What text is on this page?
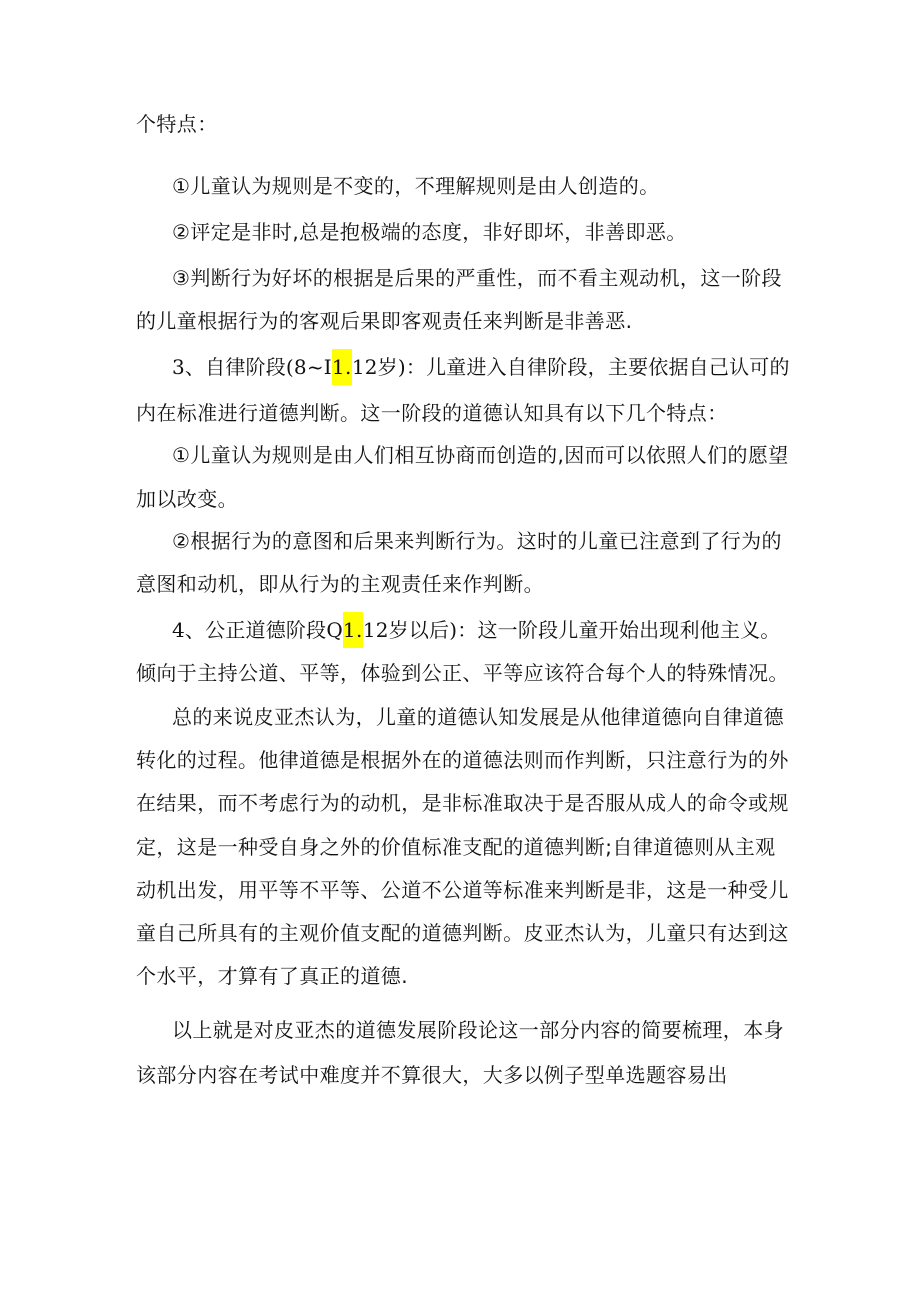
个特点：
①儿童认为规则是不变的，不理解规则是由人创造的。
②评定是非时,总是抱极端的态度，非好即坏，非善即恶。
③判断行为好坏的根据是后果的严重性，而不看主观动机，这一阶段
的儿童根据行为的客观后果即客观责任来判断是非善恶.
3、自律阶段(8~I1.12岁)：儿童进入自律阶段，主要依据自己认可的
内在标准进行道德判断。这一阶段的道德认知具有以下几个特点：
①儿童认为规则是由人们相互协商而创造的,因而可以依照人们的愿望
加以改变。
②根据行为的意图和后果来判断行为。这时的儿童已注意到了行为的
意图和动机，即从行为的主观责任来作判断。
4、公正道德阶段Q1.12岁以后)：这一阶段儿童开始出现利他主义。
倾向于主持公道、平等，体验到公正、平等应该符合每个人的特殊情况。
总的来说皮亚杰认为，儿童的道德认知发展是从他律道德向自律道德
转化的过程。他律道德是根据外在的道德法则而作判断，只注意行为的外
在结果，而不考虑行为的动机，是非标准取决于是否服从成人的命令或规
定，这是一种受自身之外的价值标准支配的道德判断;自律道德则从主观
动机出发，用平等不平等、公道不公道等标准来判断是非，这是一种受儿
童自己所具有的主观价值支配的道德判断。皮亚杰认为，儿童只有达到这
个水平，才算有了真正的道德.
以上就是对皮亚杰的道德发展阶段论这一部分内容的简要梳理，本身
该部分内容在考试中难度并不算很大，大多以例子型单选题容易出
